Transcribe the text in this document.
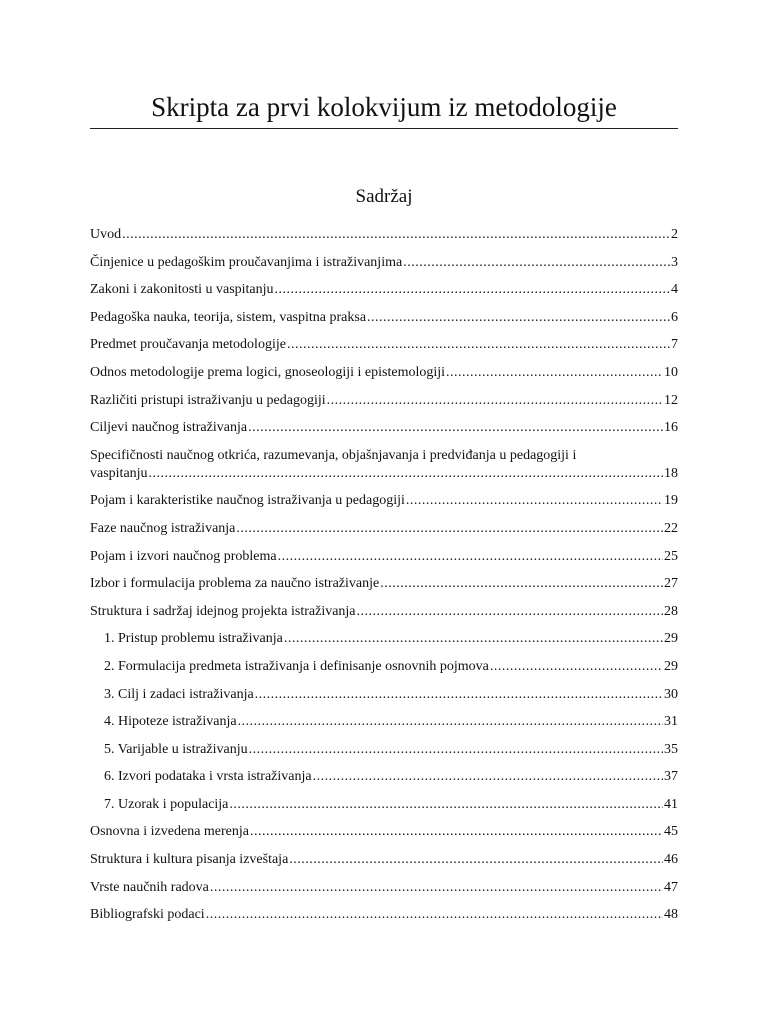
Skripta za prvi kolokvijum iz metodologije
Sadržaj
Uvod .....	2
Činjenice u pedagoškim proučavanjima i istraživanjima .....	3
Zakoni i zakonitosti u vaspitanju .....	4
Pedagoška nauka, teorija, sistem, vaspitna praksa .....	6
Predmet proučavanja metodologije .....	7
Odnos metodologije prema logici, gnoseologiji i epistemologiji .....	10
Različiti pristupi istraživanju u pedagogiji .....	12
Ciljevi naučnog istraživanja .....	16
Specifičnosti naučnog otkrića, razumevanja, objašnjavanja i predviđanja u pedagogiji i
vaspitanju .....	18
Pojam i karakteristike naučnog istraživanja u pedagogiji .....	19
Faze naučnog istraživanja .....	22
Pojam i izvori naučnog problema .....	25
Izbor i formulacija problema za naučno istraživanje .....	27
Struktura i sadržaj idejnog projekta istraživanja .....	28
1. Pristup problemu istraživanja .....	29
2. Formulacija predmeta istraživanja i definisanje osnovnih pojmova .....	29
3. Cilj i zadaci istraživanja .....	30
4. Hipoteze istraživanja .....	31
5. Varijable u istraživanju .....	35
6. Izvori podataka i vrsta istraživanja .....	37
7. Uzorak i populacija .....	41
Osnovna i izvedena merenja .....	45
Struktura i kultura pisanja izveštaja .....	46
Vrste naučnih radova .....	47
Bibliografski podaci .....	48
